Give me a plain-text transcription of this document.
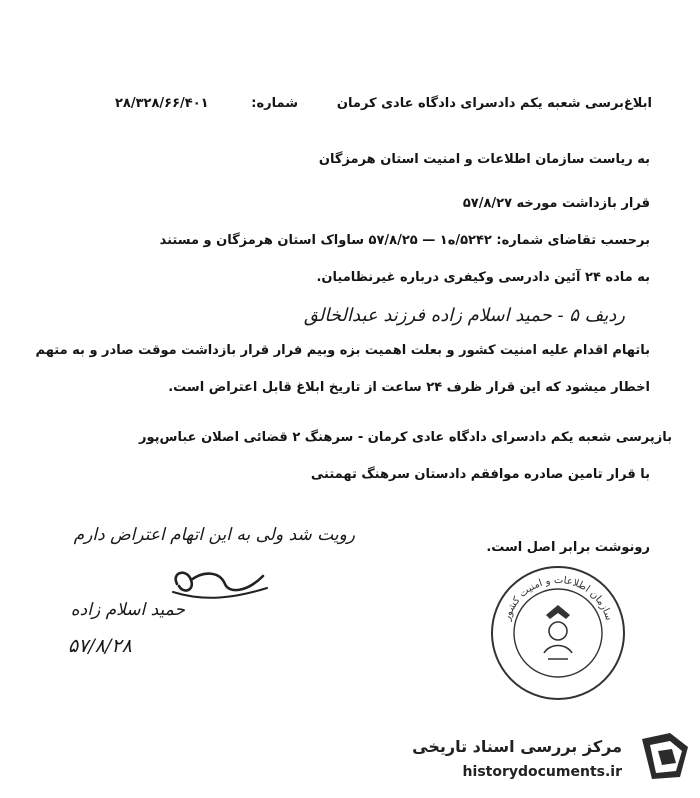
ابلاغ‌برسی شعبه یکم دادسرای دادگاه عادی کرمان
شماره:
۲۸/۳۲۸/۶۶/۴۰۱
به ریاست سازمان اطلاعات و امنیت استان هرمزگان
قرار بازداشت مورخه ۵۷/۸/۲۷
برحسب تقاضای شماره: ۵۲۴۲/ه۱ — ۵۷/۸/۲۵ ساواک استان هرمزگان و مستند
به ماده ۲۴ آئین دادرسی وکیفری درباره غیرنظامیان.
ردیف ۵ - حمید اسلام زاده فرزند عبدالخالق
باتهام اقدام علیه امنیت کشور و بعلت اهمیت بزه وبیم فرار قرار بازداشت موقت صادر و به متهم
اخطار میشود که این قرار ظرف ۲۴ ساعت از تاریخ ابلاغ قابل اعتراض است.
بازپرسی شعبه یکم دادسرای دادگاه عادی کرمان - سرهنگ ۲ قضائی اصلان عباس‌پور
با قرار تامین صادره موافقم دادستان سرهنگ تهمتنی
رونوشت برابر اصل است.
رویت شد ولی به این اتهام اعتراض دارم
حمید اسلام زاده
۵۷/۸/۲۸
سازمان اطلاعات و امنیت کشور
مرکز بررسی اسناد تاریخی
historydocuments.ir
